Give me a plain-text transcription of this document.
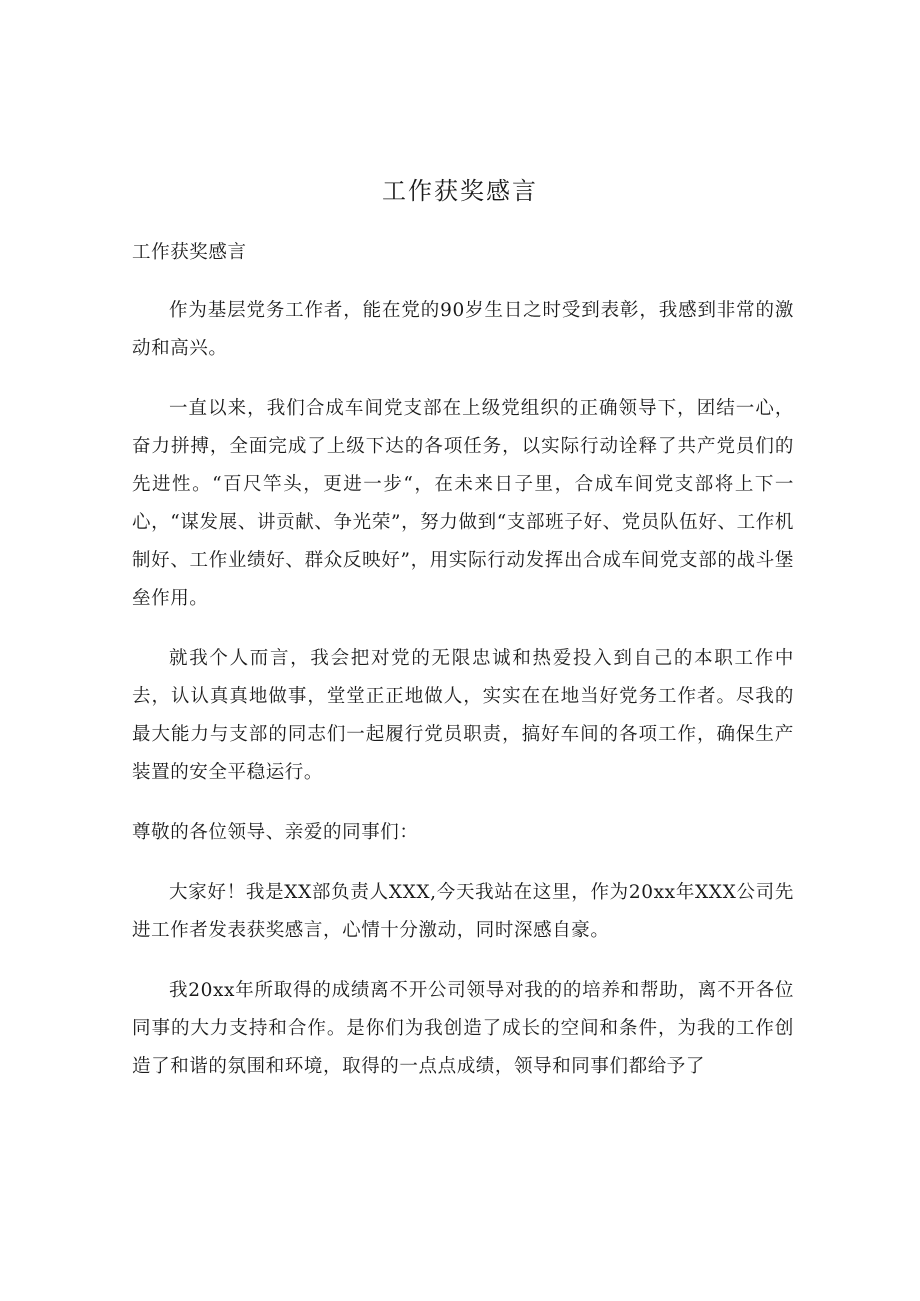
工作获奖感言

工作获奖感言

作为基层党务工作者，能在党的90岁生日之时受到表彰，我感到非常的激动和高兴。

一直以来，我们合成车间党支部在上级党组织的正确领导下，团结一心，奋力拼搏，全面完成了上级下达的各项任务，以实际行动诠释了共产党员们的先进性。“百尺竿头，更进一步“，在未来日子里，合成车间党支部将上下一心，“谋发展、讲贡献、争光荣”，努力做到“支部班子好、党员队伍好、工作机制好、工作业绩好、群众反映好”，用实际行动发挥出合成车间党支部的战斗堡垒作用。

就我个人而言，我会把对党的无限忠诚和热爱投入到自己的本职工作中去，认认真真地做事，堂堂正正地做人，实实在在地当好党务工作者。尽我的最大能力与支部的同志们一起履行党员职责，搞好车间的各项工作，确保生产装置的安全平稳运行。

尊敬的各位领导、亲爱的同事们：

大家好！我是XX部负责人XXX,今天我站在这里，作为20xx年XXX公司先进工作者发表获奖感言，心情十分激动，同时深感自豪。

我20xx年所取得的成绩离不开公司领导对我的的培养和帮助，离不开各位同事的大力支持和合作。是你们为我创造了成长的空间和条件，为我的工作创造了和谐的氛围和环境，取得的一点点成绩，领导和同事们都给予了
